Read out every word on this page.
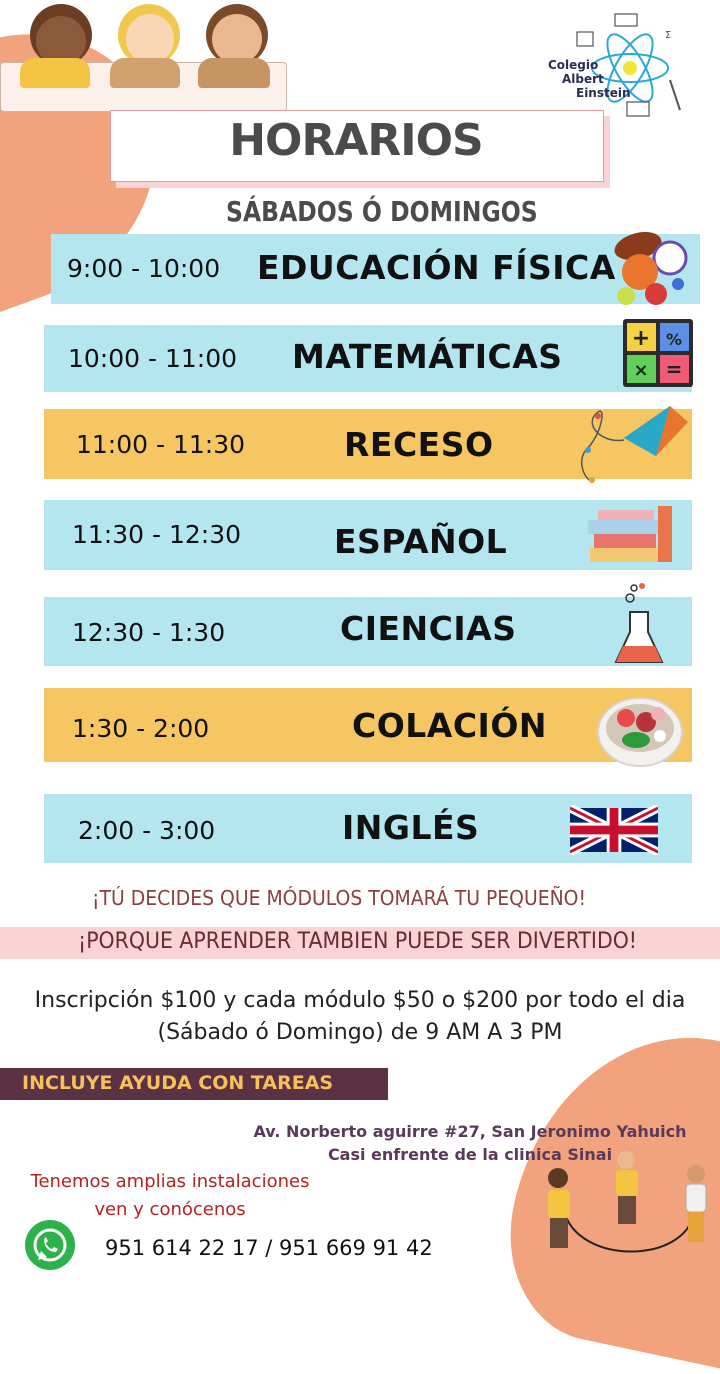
Σ
Colegio
Albert
Einstein
HORARIOS
SÁBADOS Ó DOMINGOS
9:00 - 10:00 EDUCACIÓN FÍSICA
10:00 - 11:00 MATEMÁTICAS
11:00 - 11:30	RECESO
11:30 - 12:30	ESPAÑOL
12:30 - 1:30	CIENCIAS
1:30 - 2:00	COLACIÓN
2:00 - 3:00	INGLÉS
+ %
× =
¡TÚ DECIDES QUE MÓDULOS TOMARÁ TU PEQUEÑO!
¡PORQUE APRENDER TAMBIEN PUEDE SER DIVERTIDO!
Inscripción $100 y cada módulo $50 o $200 por todo el dia
(Sábado ó Domingo) de 9 AM A 3 PM
INCLUYE AYUDA CON TAREAS
Av. Norberto aguirre #27, San Jeronimo Yahuich
Casi enfrente de la clinica Sinai
Tenemos amplias instalaciones
ven y conócenos
951 614 22 17 / 951 669 91 42
